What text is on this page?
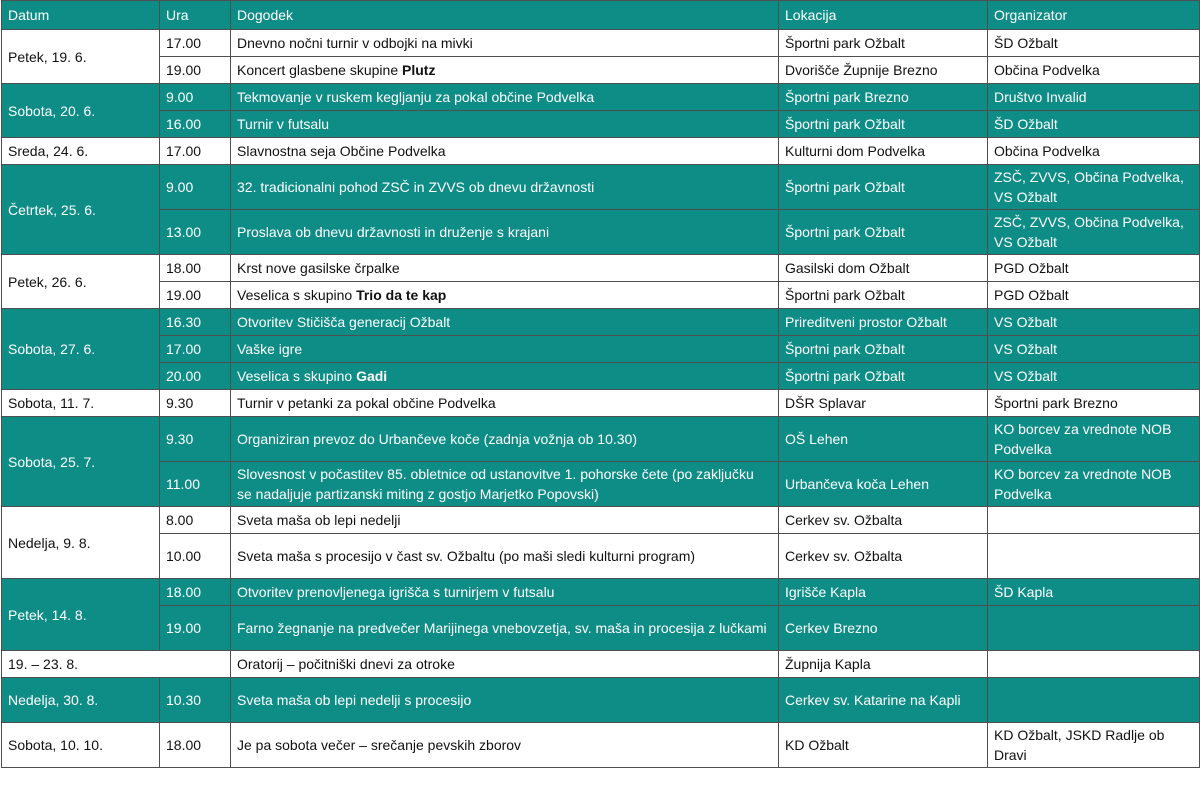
Datum	Ura	Dogodek	Lokacija	Organizator
Petek, 19. 6.	17.00	Dnevno nočni turnir v odbojki na mivki	Športni park Ožbalt	ŠD Ožbalt
	19.00	Koncert glasbene skupine Plutz	Dvorišče Župnije Brezno	Občina Podvelka
Sobota, 20. 6.	9.00	Tekmovanje v ruskem kegljanju za pokal občine Podvelka	Športni park Brezno	Društvo Invalid
	16.00	Turnir v futsalu	Športni park Ožbalt	ŠD Ožbalt
Sreda, 24. 6.	17.00	Slavnostna seja Občine Podvelka	Kulturni dom Podvelka	Občina Podvelka
Četrtek, 25. 6.	9.00	32. tradicionalni pohod ZSČ in ZVVS ob dnevu državnosti	Športni park Ožbalt	ZSČ, ZVVS, Občina Podvelka, VS Ožbalt
	13.00	Proslava ob dnevu državnosti in druženje s krajani	Športni park Ožbalt	ZSČ, ZVVS, Občina Podvelka, VS Ožbalt
Petek, 26. 6.	18.00	Krst nove gasilske črpalke	Gasilski dom Ožbalt	PGD Ožbalt
	19.00	Veselica s skupino Trio da te kap	Športni park Ožbalt	PGD Ožbalt
Sobota, 27. 6.	16.30	Otvoritev Stičišča generacij Ožbalt	Prireditveni prostor Ožbalt	VS Ožbalt
	17.00	Vaške igre	Športni park Ožbalt	VS Ožbalt
	20.00	Veselica s skupino Gadi	Športni park Ožbalt	VS Ožbalt
Sobota, 11. 7.	9.30	Turnir v petanki za pokal občine Podvelka	DŠR Splavar	Športni park Brezno
Sobota, 25. 7.	9.30	Organiziran prevoz do Urbančeve koče (zadnja vožnja ob 10.30)	OŠ Lehen	KO borcev za vrednote NOB Podvelka
	11.00	Slovesnost v počastitev 85. obletnice od ustanovitve 1. pohorske čete (po zaključku se nadaljuje partizanski miting z gostjo Marjetko Popovski)	Urbančeva koča Lehen	KO borcev za vrednote NOB Podvelka
Nedelja, 9. 8.	8.00	Sveta maša ob lepi nedelji	Cerkev sv. Ožbalta	
	10.00	Sveta maša s procesijo v čast sv. Ožbaltu (po maši sledi kulturni program)	Cerkev sv. Ožbalta	
Petek, 14. 8.	18.00	Otvoritev prenovljenega igrišča s turnirjem v futsalu	Igrišče Kapla	ŠD Kapla
	19.00	Farno žegnanje na predvečer Marijinega vnebovzetja, sv. maša in procesija z lučkami	Cerkev Brezno	
19. – 23. 8.		Oratorij – počitniški dnevi za otroke	Župnija Kapla	
Nedelja, 30. 8.	10.30	Sveta maša ob lepi nedelji s procesijo	Cerkev sv. Katarine na Kapli	
Sobota, 10. 10.	18.00	Je pa sobota večer – srečanje pevskih zborov	KD Ožbalt	KD Ožbalt, JSKD Radlje ob Dravi
